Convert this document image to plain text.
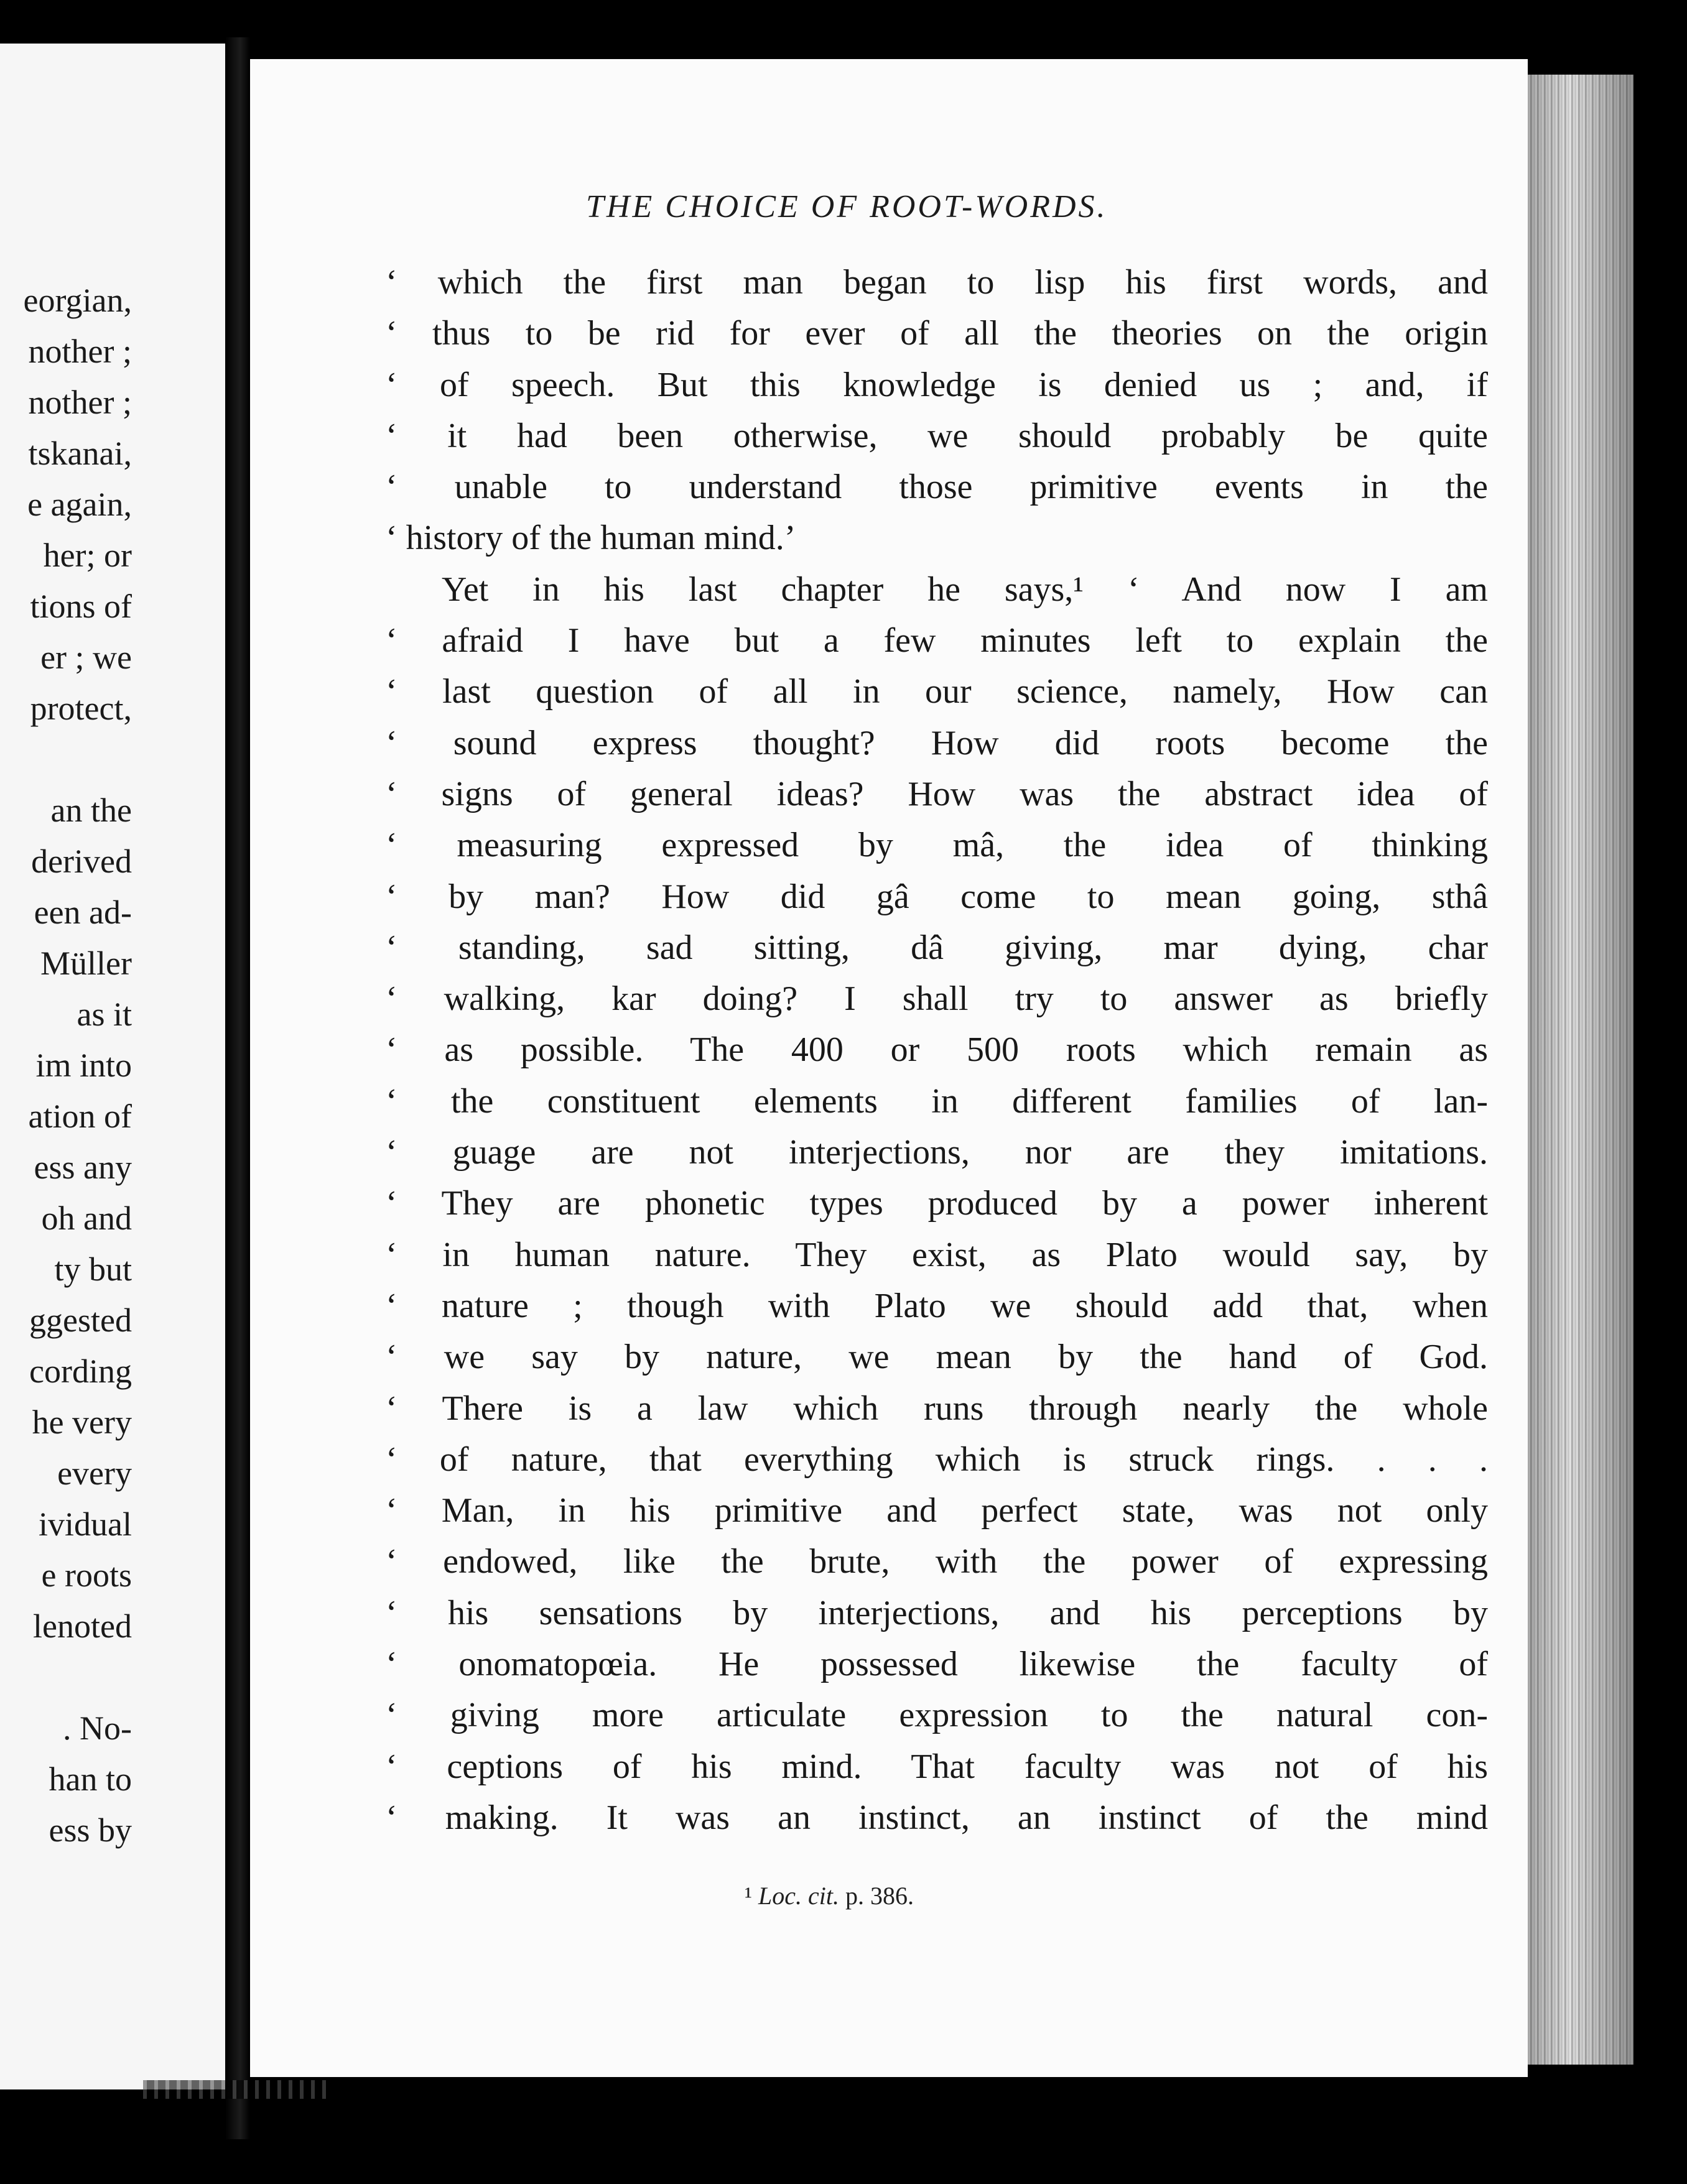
eorgian,
nother ;
nother ;
tskanai,
e again,
her; or
tions of
er ; we
protect,
an the
derived
een ad-
Müller
as it
im into
ation of
ess any
oh and
ty but
ggested
cording
he very
every
ividual
e roots
lenoted
. No-
han to
ess by
THE CHOICE OF ROOT-WORDS.
‘ which the first man began to lisp his first words, and
‘ thus to be rid for ever of all the theories on the origin
‘ of speech. But this knowledge is denied us ; and, if
‘ it had been otherwise, we should probably be quite
‘ unable to understand those primitive events in the
‘ history of the human mind.’
Yet in his last chapter he says,¹ ‘ And now I am
‘ afraid I have but a few minutes left to explain the
‘ last question of all in our science, namely, How can
‘ sound express thought? How did roots become the
‘ signs of general ideas? How was the abstract idea of
‘ measuring expressed by mâ, the idea of thinking
‘ by man? How did gâ come to mean going, sthâ
‘ standing, sad sitting, dâ giving, mar dying, char
‘ walking, kar doing? I shall try to answer as briefly
‘ as possible. The 400 or 500 roots which remain as
‘ the constituent elements in different families of lan-
‘ guage are not interjections, nor are they imitations.
‘ They are phonetic types produced by a power inherent
‘ in human nature. They exist, as Plato would say, by
‘ nature ; though with Plato we should add that, when
‘ we say by nature, we mean by the hand of God.
‘ There is a law which runs through nearly the whole
‘ of nature, that everything which is struck rings. . . .
‘ Man, in his primitive and perfect state, was not only
‘ endowed, like the brute, with the power of expressing
‘ his sensations by interjections, and his perceptions by
‘ onomatopœia. He possessed likewise the faculty of
‘ giving more articulate expression to the natural con-
‘ ceptions of his mind. That faculty was not of his
‘ making. It was an instinct, an instinct of the mind
¹ Loc. cit. p. 386.
